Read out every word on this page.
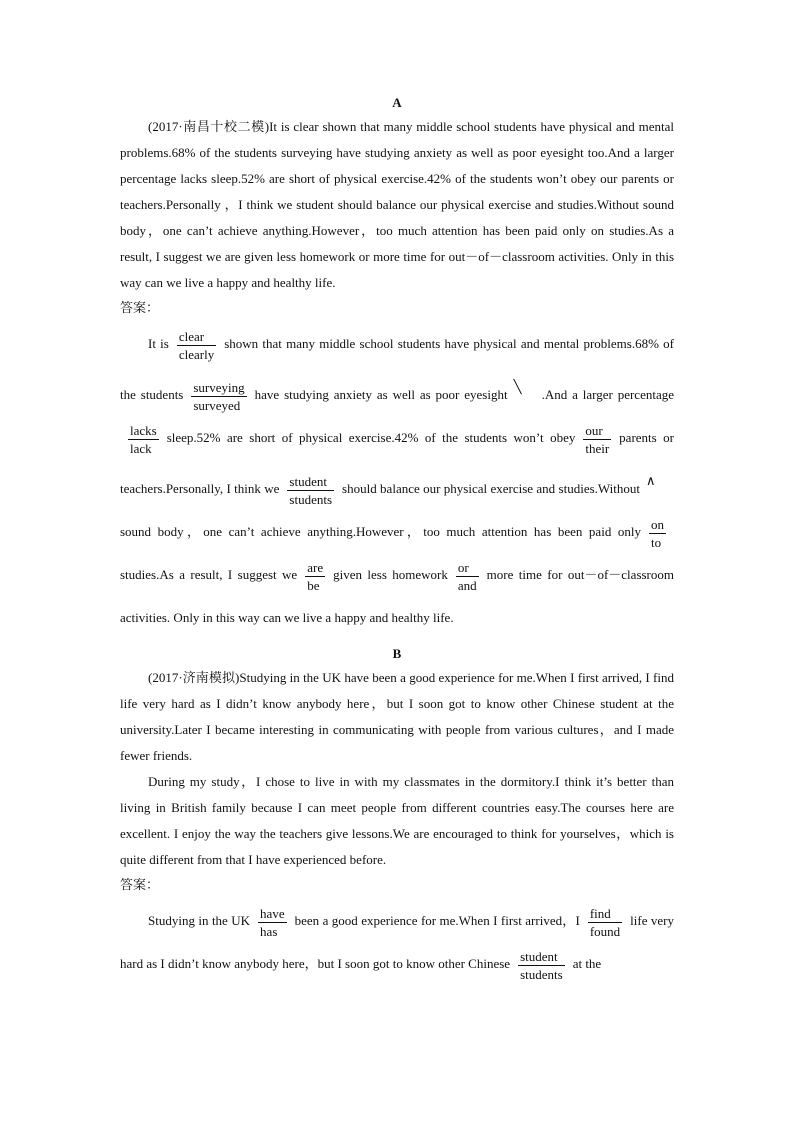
A

(2017·南昌十校二模)It is clear shown that many middle school students have physical and mental problems.68% of the students surveying have studying anxiety as well as poor eyesight too.And a larger percentage lacks sleep.52% are short of physical exercise.42% of the students won’t obey our parents or teachers.Personally ，I think we student should balance our physical exercise and studies.Without sound body，one can’t achieve anything.However，too much attention has been paid only on studies.As a result, I suggest we are given less homework or more time for out－of－classroom activities. Only in this way can we live a happy and healthy life.

答案：

It is $\frac{\text{clear}}{\text{clearly}}$ shown that many middle school students have physical and mental problems.68% of the students $\frac{\text{surveying}}{\text{surveyed}}$ have studying anxiety as well as poor eyesight╲.And a larger percentage
$\frac{\text{lacks}}{\text{lack}}$ sleep.52% are short of physical exercise.42% of the students won’t obey $\frac{\text{our}}{\text{their}}$ parents or teachers.Personally, I think we $\frac{\text{student}}{\text{students}}$ should balance our physical exercise and studies.Without∧sound body，one can’t achieve anything.However，too much attention has been paid only $\frac{on}{to}$
studies.As a result, I suggest we $\frac{\text{are}}{be}$ given less homework $\frac{or}{\text{and}}$ more time for out－of－classroom activities. Only in this way can we live a happy and healthy life.

B

(2017·济南模拟)Studying in the UK have been a good experience for me.When I first arrived, I find life very hard as I didn’t know anybody here，but I soon got to know other Chinese student at the university.Later I became interesting in communicating with people from various cultures，and I made fewer friends.

During my study，I chose to live in with my classmates in the dormitory.I think it’s better than living in British family because I can meet people from different countries easy.The courses here are excellent. I enjoy the way the teachers give lessons.We are encouraged to think for yourselves，which is quite different from that I have experienced before.

答案：

Studying in the UK $\frac{\text{have}}{\text{has}}$ been a good experience for me.When I first arrived，I $\frac{\text{find}}{\text{found}}$ life very hard as I didn’t know anybody here，but I soon got to know other Chinese $\frac{\text{student}}{\text{students}}$ at the
